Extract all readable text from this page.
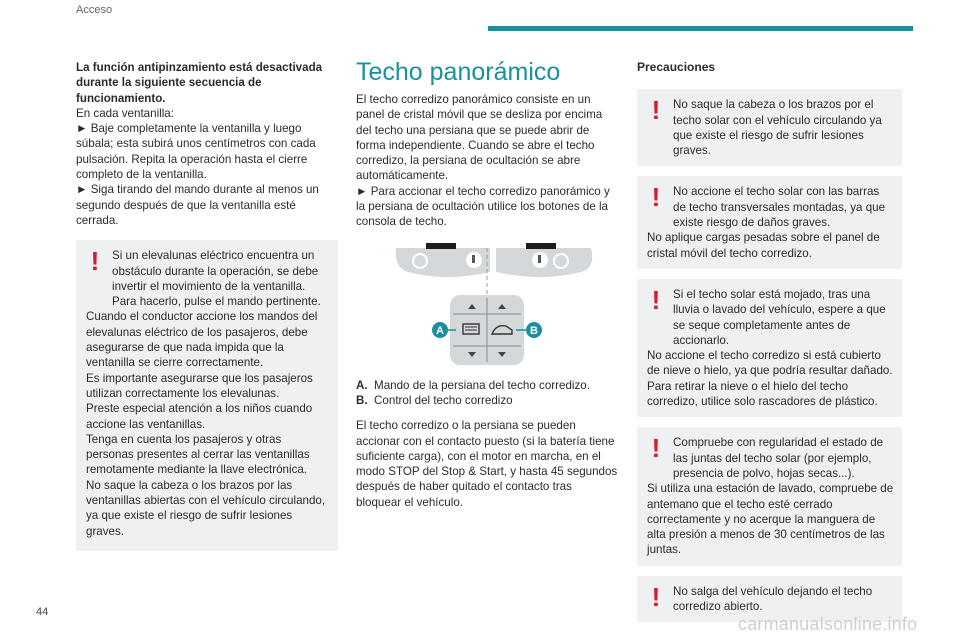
Acceso

La función antipinzamiento está desactivada durante la siguiente secuencia de funcionamiento.

En cada ventanilla:

► Baje completamente la ventanilla y luego súbala; esta subirá unos centímetros con cada pulsación. Repita la operación hasta el cierre completo de la ventanilla.

► Siga tirando del mando durante al menos un segundo después de que la ventanilla esté cerrada.

!	Si un elevalunas eléctrico encuentra un obstáculo durante la operación, se debe invertir el movimiento de la ventanilla. Para hacerlo, pulse el mando pertinente.

Cuando el conductor accione los mandos del elevalunas eléctrico de los pasajeros, debe asegurarse de que nada impida que la ventanilla se cierre correctamente.

Es importante asegurarse que los pasajeros utilizan correctamente los elevalunas.

Preste especial atención a los niños cuando accione las ventanillas.

Tenga en cuenta los pasajeros y otras personas presentes al cerrar las ventanillas remotamente mediante la llave electrónica.

No saque la cabeza o los brazos por las ventanillas abiertas con el vehículo circulando, ya que existe el riesgo de sufrir lesiones graves.

Techo panorámico

El techo corredizo panorámico consiste en un panel de cristal móvil que se desliza por encima del techo una persiana que se puede abrir de forma independiente. Cuando se abre el techo corredizo, la persiana de ocultación se abre automáticamente.

► Para accionar el techo corredizo panorámico y la persiana de ocultación utilice los botones de la consola de techo.

A	B

A. Mando de la persiana del techo corredizo.

B. Control del techo corredizo

El techo corredizo o la persiana se pueden accionar con el contacto puesto (si la batería tiene suficiente carga), con el motor en marcha, en el modo STOP del Stop & Start, y hasta 45 segundos después de haber quitado el contacto tras bloquear el vehículo.

Precauciones
!	No saque la cabeza o los brazos por el techo solar con el vehículo circulando ya que existe el riesgo de sufrir lesiones graves.

!	No accione el techo solar con las barras de techo transversales montadas, ya que existe riesgo de daños graves.

No aplique cargas pesadas sobre el panel de cristal móvil del techo corredizo.

!	Si el techo solar está mojado, tras una lluvia o lavado del vehículo, espere a que se seque completamente antes de accionarlo.

No accione el techo corredizo si está cubierto de nieve o hielo, ya que podría resultar dañado.

Para retirar la nieve o el hielo del techo corredizo, utilice solo rascadores de plástico.

!	Compruebe con regularidad el estado de las juntas del techo solar (por ejemplo, presencia de polvo, hojas secas...).

Si utiliza una estación de lavado, compruebe de antemano que el techo esté cerrado correctamente y no acerque la manguera de alta presión a menos de 30 centímetros de las juntas.

!	No salga del vehículo dejando el techo corredizo abierto.

44
carmanualsonline.info
